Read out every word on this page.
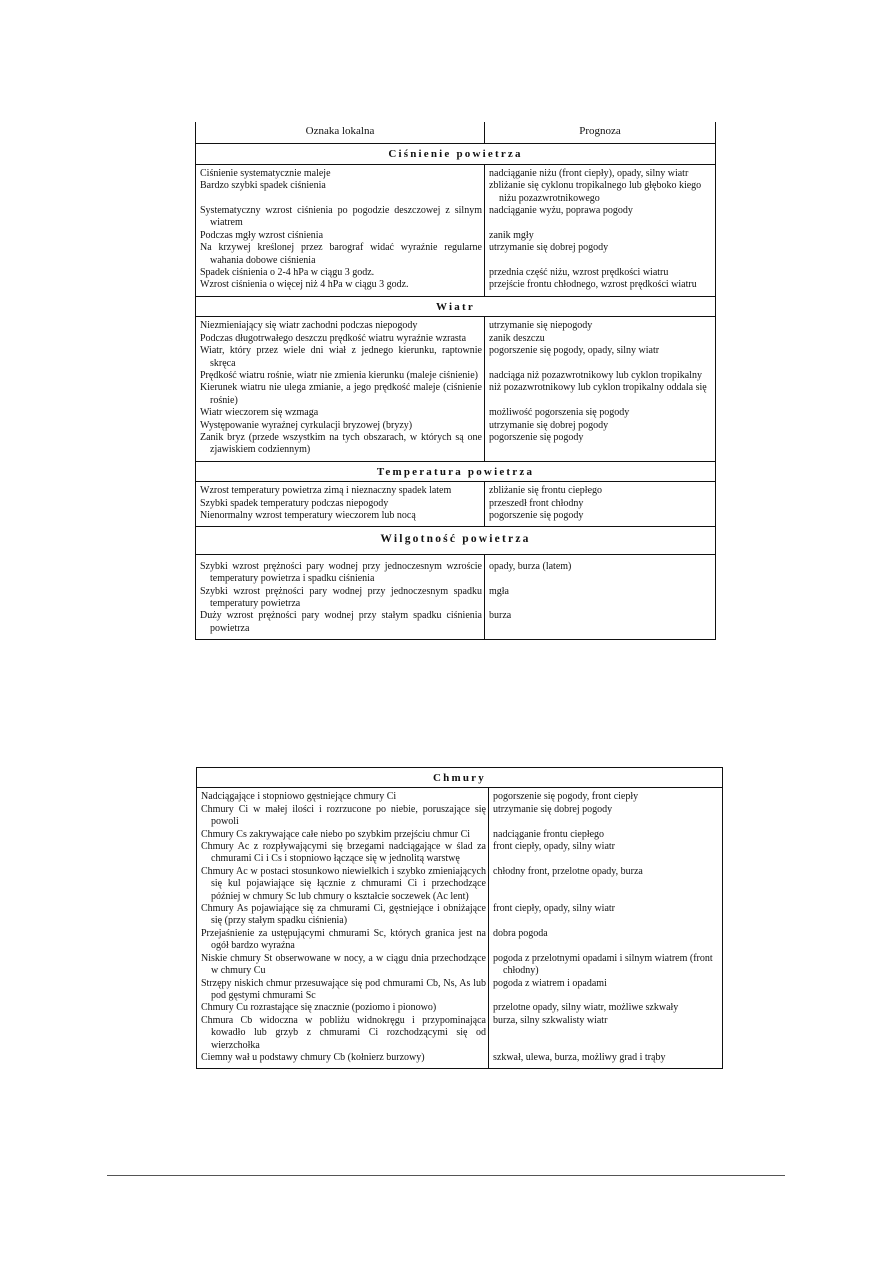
Oznaka lokalna	Prognoza
Ciśnienie powietrza	

Ciśnienie systematycznie maleje	nadciąganie niżu (front ciepły), opady, silny wiatr

Bardzo szybki spadek ciśnienia	zbliżanie się cyklonu tropikalnego lub głęboko kiego niżu pozazwrotnikowego

Systematyczny wzrost ciśnienia po pogodzie deszczowej z silnym wiatrem	nadciąganie wyżu, poprawa pogody

Podczas mgły wzrost ciśnienia	zanik mgły

Na krzywej kreślonej przez barograf widać wyraźnie regularne wahania dobowe ciśnienia	utrzymanie się dobrej pogody

Spadek ciśnienia o 2-4 hPa w ciągu 3 godz.	przednia część niżu, wzrost prędkości wiatru

Wzrost ciśnienia o więcej niż 4 hPa w ciągu 3 godz.	przejście frontu chłodnego, wzrost prędkości wiatru

Wiatr	

Niezmieniający się wiatr zachodni podczas niepogody	utrzymanie się niepogody

Podczas długotrwałego deszczu prędkość wiatru wyraźnie wzrasta	zanik deszczu

Wiatr, który przez wiele dni wiał z jednego kierunku, raptownie skręca	pogorszenie się pogody, opady, silny wiatr

Prędkość wiatru rośnie, wiatr nie zmienia kierunku (maleje ciśnienie)	nadciąga niż pozazwrotnikowy lub cyklon tropikalny

Kierunek wiatru nie ulega zmianie, a jego prędkość maleje (ciśnienie rośnie)	niż pozazwrotnikowy lub cyklon tropikalny oddala się

Wiatr wieczorem się wzmaga	możliwość pogorszenia się pogody

Występowanie wyraźnej cyrkulacji bryzowej (bryzy)	utrzymanie się dobrej pogody

Zanik bryz (przede wszystkim na tych obszarach, w których są one zjawiskiem codziennym)	pogorszenie się pogody

Temperatura powietrza	

Wzrost temperatury powietrza zimą i nieznaczny spadek latem	zbliżanie się frontu ciepłego

Szybki spadek temperatury podczas niepogody	przeszedł front chłodny

Nienormalny wzrost temperatury wieczorem lub nocą	pogorszenie się pogody

Wilgotność powietrza	

Szybki wzrost prężności pary wodnej przy jednoczesnym wzroście temperatury powietrza i spadku ciśnienia	opady, burza (latem)

Szybki wzrost prężności pary wodnej przy jednoczesnym spadku temperatury powietrza	mgła

Duży wzrost prężności pary wodnej przy stałym spadku ciśnienia powietrza	burza
Chmury	

Nadciągające i stopniowo gęstniejące chmury Ci	pogorszenie się pogody, front ciepły

Chmury Ci w małej ilości i rozrzucone po niebie, poruszające się powoli	utrzymanie się dobrej pogody

Chmury Cs zakrywające całe niebo po szybkim przejściu chmur Ci	nadciąganie frontu ciepłego

Chmury Ac z rozpływającymi się brzegami nadciągające w ślad za chmurami Ci i Cs i stopniowo łączące się w jednolitą warstwę	front ciepły, opady, silny wiatr

Chmury Ac w postaci stosunkowo niewielkich i szybko zmieniających się kul pojawiające się łącznie z chmurami Ci i przechodzące później w chmury Sc lub chmury o kształcie soczewek (Ac lent)	chłodny front, przelotne opady, burza

Chmury As pojawiające się za chmurami Ci, gęstniejące i obniżające się (przy stałym spadku ciśnienia)	front ciepły, opady, silny wiatr

Przejaśnienie za ustępującymi chmurami Sc, których granica jest na ogół bardzo wyraźna	dobra pogoda

Niskie chmury St obserwowane w nocy, a w ciągu dnia przechodzące w chmury Cu	pogoda z przelotnymi opadami i silnym wiatrem (front chłodny)

Strzępy niskich chmur przesuwające się pod chmurami Cb, Ns, As lub pod gęstymi chmurami Sc	pogoda z wiatrem i opadami

Chmury Cu rozrastające się znacznie (poziomo i pionowo)	przelotne opady, silny wiatr, możliwe szkwały

Chmura Cb widoczna w pobliżu widnokręgu i przypominająca kowadło lub grzyb z chmurami Ci rozchodzącymi się od wierzchołka	burza, silny szkwalisty wiatr

Ciemny wał u podstawy chmury Cb (kołnierz burzowy)	szkwał, ulewa, burza, możliwy grad i trąby
